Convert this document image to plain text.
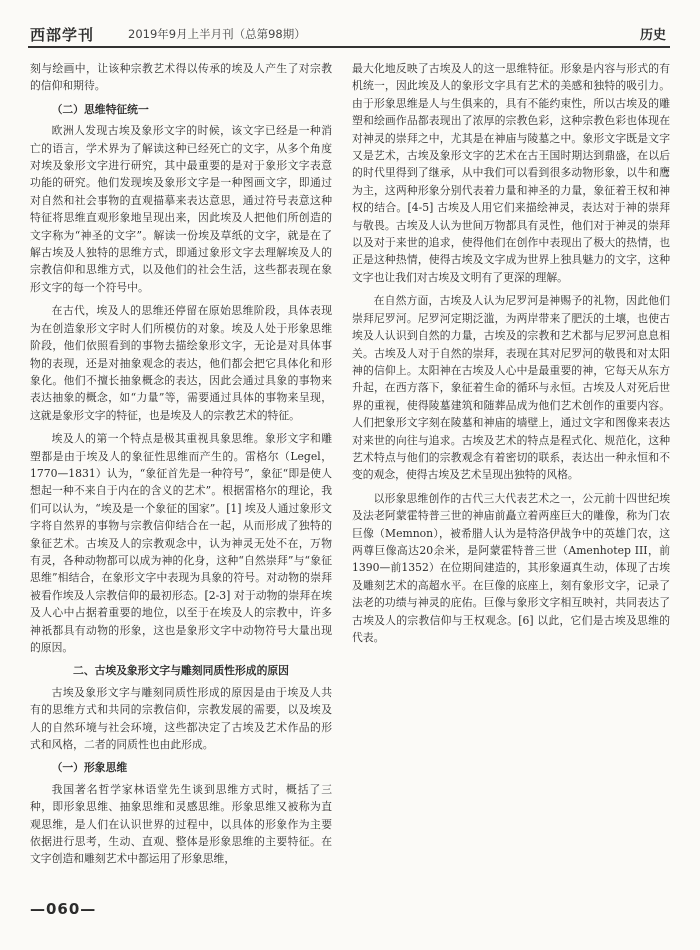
西部学刊	2019年9月上半月刊（总第98期）	历史

刻与绘画中，让该种宗教艺术得以传承的埃及人产生了对宗教的信仰和期待。

（二）思维特征统一

欧洲人发现古埃及象形文字的时候，该文字已经是一种消亡的语言，学术界为了解读这种已经死亡的文字，从多个角度对埃及象形文字进行研究，其中最重要的是对于象形文字表意功能的研究。他们发现埃及象形文字是一种图画文字，即通过对自然和社会事物的直观描摹来表达意思，通过符号表意这种特征将思维直观形象地呈现出来，因此埃及人把他们所创造的文字称为“神圣的文字”。解读一份埃及草纸的文字，就是在了解古埃及人独特的思维方式，即通过象形文字去理解埃及人的宗教信仰和思维方式，以及他们的社会生活，这些都表现在象形文字的每一个符号中。

在古代，埃及人的思维还停留在原始思维阶段，具体表现为在创造象形文字时人们所模仿的对象。埃及人处于形象思维阶段，他们依照看到的事物去描绘象形文字，无论是对具体事物的表现，还是对抽象观念的表达，他们都会把它具体化和形象化。他们不擅长抽象概念的表达，因此会通过具象的事物来表达抽象的概念，如“力量”等，需要通过具体的事物来呈现，这就是象形文字的特征，也是埃及人的宗教艺术的特征。

埃及人的第一个特点是极其重视具象思维。象形文字和雕塑都是由于埃及人的象征性思维而产生的。雷格尔（Legel，1770—1831）认为，“象征首先是一种符号”，象征“即是使人想起一种不来自于内在的含义的艺术”。根据雷格尔的理论，我们可以认为，“埃及是一个象征的国家”。[1] 埃及人通过象形文字将自然界的事物与宗教信仰结合在一起，从而形成了独特的象征艺术。古埃及人的宗教观念中，认为神灵无处不在，万物有灵，各种动物都可以成为神的化身，这种“自然崇拜”与“象征思维”相结合，在象形文字中表现为具象的符号。对动物的崇拜被看作埃及人宗教信仰的最初形态。[2-3] 对于动物的崇拜在埃及人心中占据着重要的地位，以至于在埃及人的宗教中，许多神祇都具有动物的形象，这也是象形文字中动物符号大量出现的原因。

二、古埃及象形文字与雕刻同质性形成的原因

古埃及象形文字与雕刻同质性形成的原因是由于埃及人共有的思维方式和共同的宗教信仰，宗教发展的需要，以及埃及人的自然环境与社会环境，这些都决定了古埃及艺术作品的形式和风格，二者的同质性也由此形成。

（一）形象思维

我国著名哲学家林语堂先生谈到思维方式时，概括了三种，即形象思维、抽象思维和灵感思维。形象思维又被称为直观思维，是人们在认识世界的过程中，以具体的形象作为主要依据进行思考，生动、直观、整体是形象思维的主要特征。在文字创造和雕刻艺术中都运用了形象思维，

最大化地反映了古埃及人的这一思维特征。形象是内容与形式的有机统一，因此埃及人的象形文字具有艺术的美感和独特的吸引力。由于形象思维是人与生俱来的，具有不能约束性，所以古埃及的雕塑和绘画作品都表现出了浓厚的宗教色彩，这种宗教色彩也体现在对神灵的崇拜之中，尤其是在神庙与陵墓之中。象形文字既是文字又是艺术，古埃及象形文字的艺术在古王国时期达到鼎盛，在以后的时代里得到了继承，从中我们可以看到很多动物形象，以牛和鹰为主，这两种形象分别代表着力量和神圣的力量，象征着王权和神权的结合。[4-5] 古埃及人用它们来描绘神灵，表达对于神的崇拜与敬畏。古埃及人认为世间万物都具有灵性，他们对于神灵的崇拜以及对于来世的追求，使得他们在创作中表现出了极大的热情，也正是这种热情，使得古埃及文字成为世界上独具魅力的文字，这种文字也让我们对古埃及文明有了更深的理解。

在自然方面，古埃及人认为尼罗河是神赐予的礼物，因此他们崇拜尼罗河。尼罗河定期泛滥，为两岸带来了肥沃的土壤，也使古埃及人认识到自然的力量，古埃及的宗教和艺术都与尼罗河息息相关。古埃及人对于自然的崇拜，表现在其对尼罗河的敬畏和对太阳神的信仰上。太阳神在古埃及人心中是最重要的神，它每天从东方升起，在西方落下，象征着生命的循环与永恒。古埃及人对死后世界的重视，使得陵墓建筑和随葬品成为他们艺术创作的重要内容。人们把象形文字刻在陵墓和神庙的墙壁上，通过文字和图像来表达对来世的向往与追求。古埃及艺术的特点是程式化、规范化，这种艺术特点与他们的宗教观念有着密切的联系，表达出一种永恒和不变的观念，使得古埃及艺术呈现出独特的风格。

以形象思维创作的古代三大代表艺术之一，公元前十四世纪埃及法老阿蒙霍特普三世的神庙前矗立着两座巨大的雕像，称为门农巨像（Memnon），被希腊人认为是特洛伊战争中的英雄门农，这两尊巨像高达20余米，是阿蒙霍特普三世（Amenhotep III，前1390—前1352）在位期间建造的，其形象逼真生动，体现了古埃及雕刻艺术的高超水平。在巨像的底座上，刻有象形文字，记录了法老的功绩与神灵的庇佑。巨像与象形文字相互映衬，共同表达了古埃及人的宗教信仰与王权观念。[6] 以此，它们是古埃及思维的代表。

—060—
